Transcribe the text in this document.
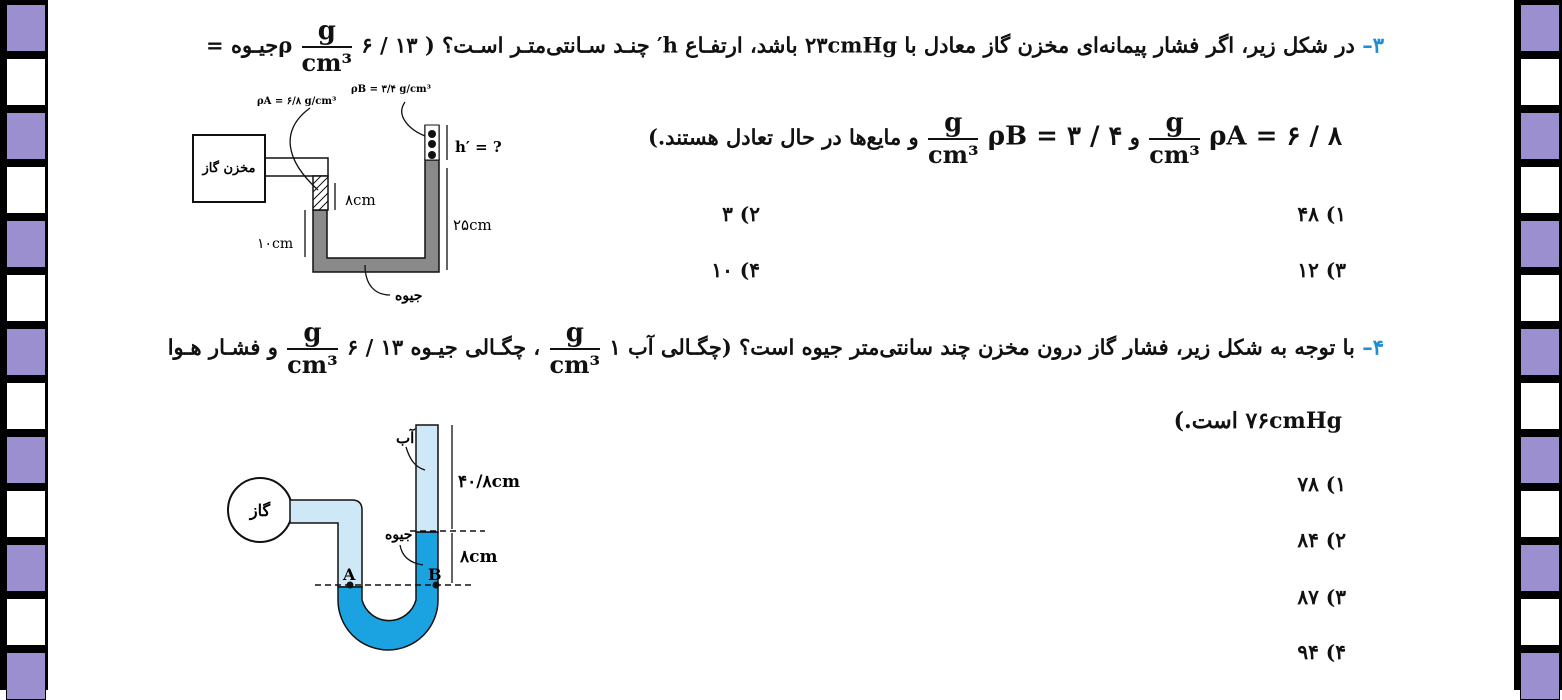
۳– در شکل زیر، اگر فشار پیمانه‌ای مخزن گاز معادل با ۲۳cmHg باشد، ارتفـاع h′ چنـد سـانتی‌متـر اسـت؟ ( ۱۳ / ۶
$\frac{g}{\text{cm³}}$
ρجیـوه =
ρA = ۶ / ۸
$\frac{g}{\text{cm³}}$
و ρB = ۳ / ۴
$\frac{g}{\text{cm³}}$
و مایع‌ها در حال تعادل هستند.)
۱) ۴۸
۲) ۳
۳) ۱۲
۴) ۱۰
مخزن گاز
h′ = ?
۲۵cm
۸cm
۱۰cm
ρA = ۶/۸ g/cm³
ρB = ۳/۴ g/cm³
جیوه
۴– با توجه به شکل زیر، فشار گاز درون مخزن چند سانتی‌متر جیوه است؟ (چگـالی آب ۱
$\frac{g}{\text{cm³}}$
، چگـالی جیـوه ۱۳ / ۶
$\frac{g}{\text{cm³}}$
و فشـار هـوا
۷۶cmHg است.)
۱) ۷۸
۲) ۸۴
۳) ۸۷
۴) ۹۴
گاز
A	B
۴۰/۸cm
۸cm
آب
جیوه
